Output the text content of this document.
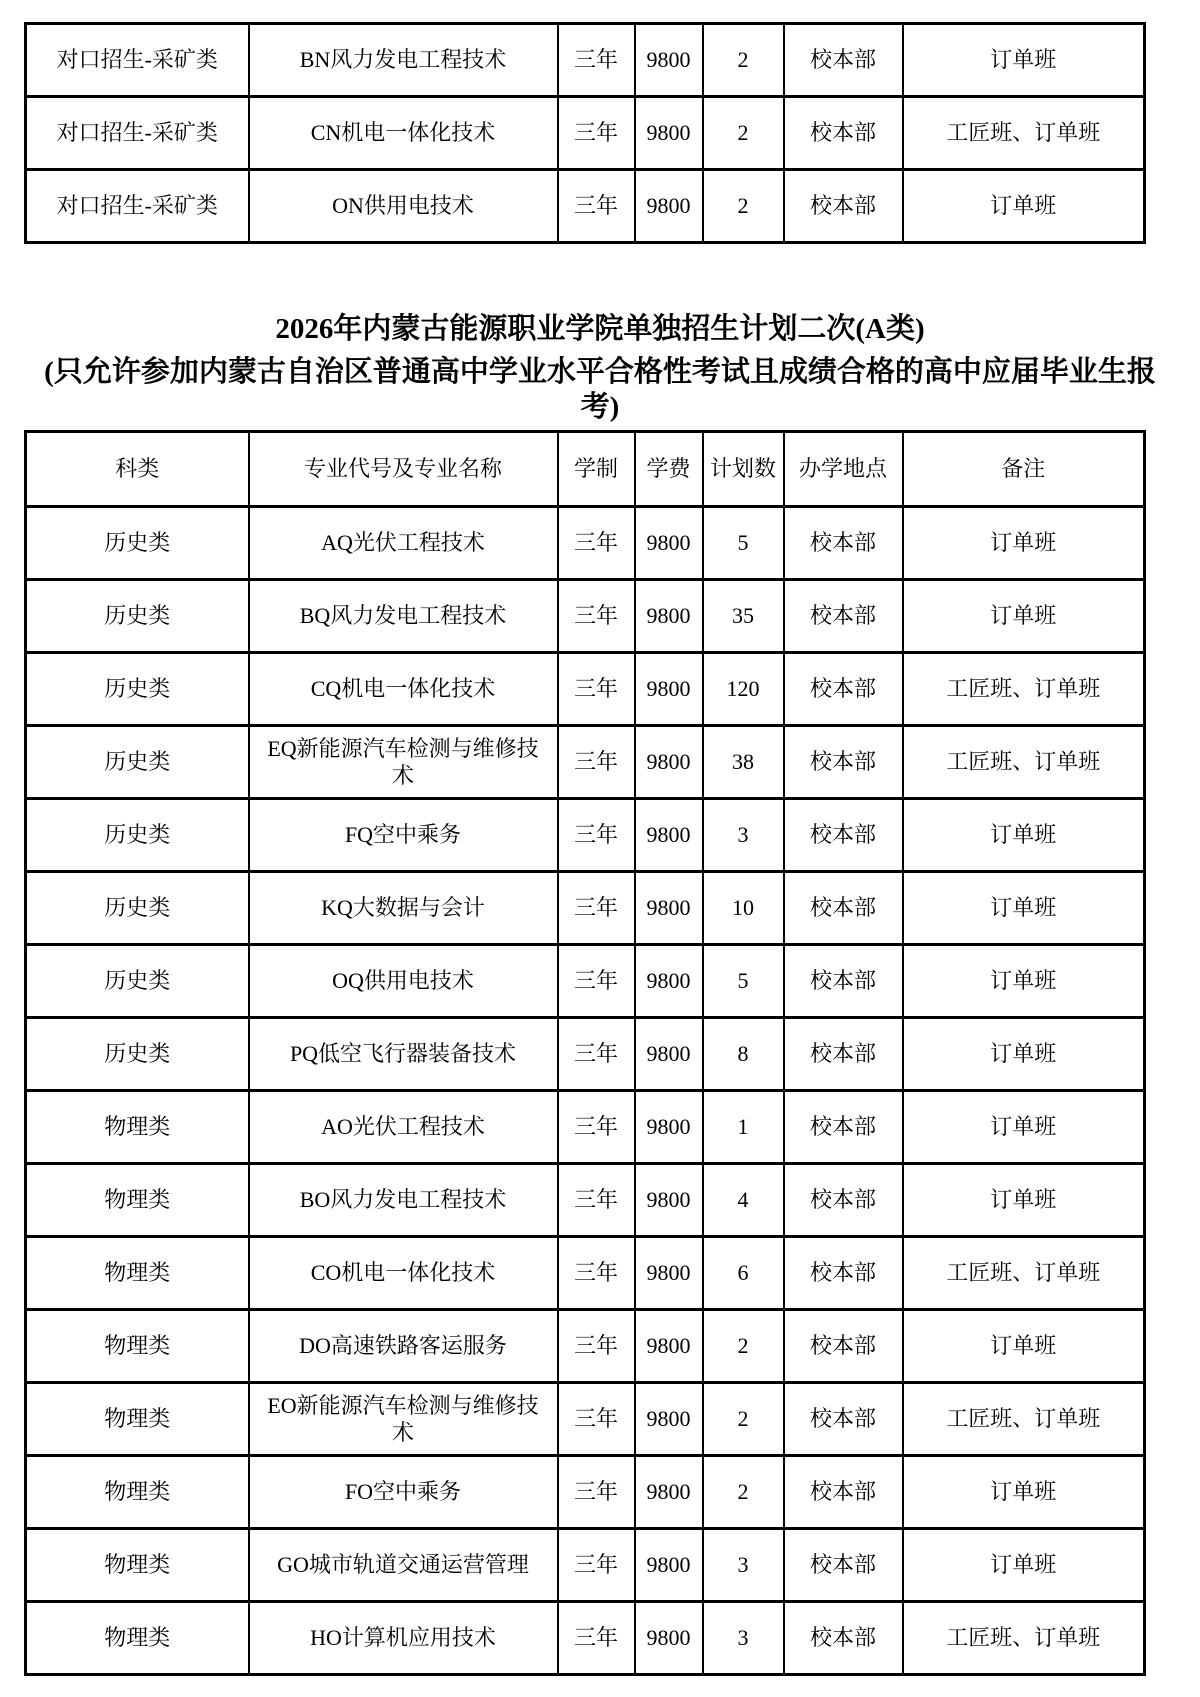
对口招生-采矿类	BN风力发电工程技术	三年	9800	2	校本部	订单班
对口招生-采矿类	CN机电一体化技术	三年	9800	2	校本部	工匠班、订单班
对口招生-采矿类	ON供用电技术	三年	9800	2	校本部	订单班
2026年内蒙古能源职业学院单独招生计划二次(A类)
(只允许参加内蒙古自治区普通高中学业水平合格性考试且成绩合格的高中应届毕业生报
考)
科类	专业代号及专业名称	学制	学费	计划数	办学地点	备注
历史类	AQ光伏工程技术	三年	9800	5	校本部	订单班
历史类	BQ风力发电工程技术	三年	9800	35	校本部	订单班
历史类	CQ机电一体化技术	三年	9800	120	校本部	工匠班、订单班
历史类	EQ新能源汽车检测与维修技术	三年	9800	38	校本部	工匠班、订单班
历史类	FQ空中乘务	三年	9800	3	校本部	订单班
历史类	KQ大数据与会计	三年	9800	10	校本部	订单班
历史类	OQ供用电技术	三年	9800	5	校本部	订单班
历史类	PQ低空飞行器装备技术	三年	9800	8	校本部	订单班
物理类	AO光伏工程技术	三年	9800	1	校本部	订单班
物理类	BO风力发电工程技术	三年	9800	4	校本部	订单班
物理类	CO机电一体化技术	三年	9800	6	校本部	工匠班、订单班
物理类	DO高速铁路客运服务	三年	9800	2	校本部	订单班
物理类	EO新能源汽车检测与维修技术	三年	9800	2	校本部	工匠班、订单班
物理类	FO空中乘务	三年	9800	2	校本部	订单班
物理类	GO城市轨道交通运营管理	三年	9800	3	校本部	订单班
物理类	HO计算机应用技术	三年	9800	3	校本部	工匠班、订单班
